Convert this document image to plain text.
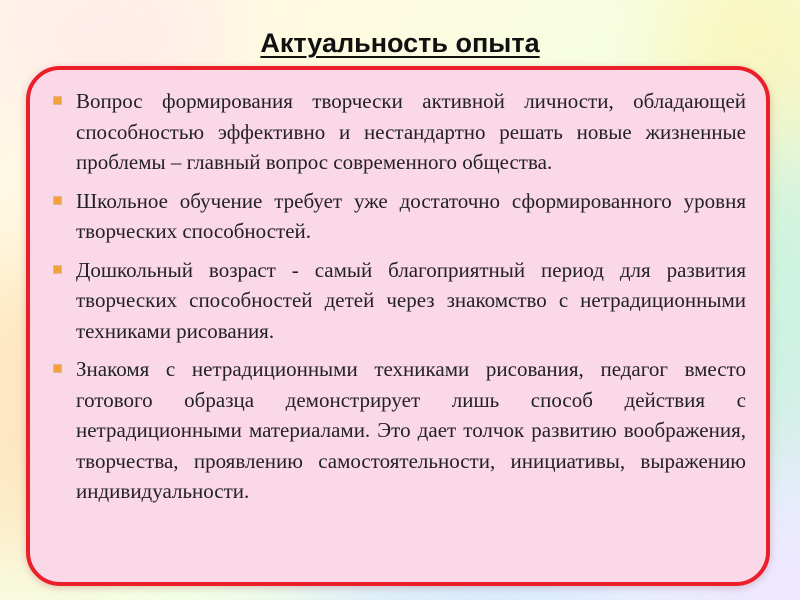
Актуальность опыта
Вопрос формирования творчески активной личности, обладающей способностью эффективно и нестандартно решать новые жизненные проблемы – главный вопрос современного общества.
Школьное обучение требует уже достаточно сформированного уровня творческих способностей.
Дошкольный возраст - самый благоприятный период для развития творческих способностей детей через знакомство с нетрадиционными техниками рисования.
Знакомя с нетрадиционными техниками рисования, педагог вместо готового образца демонстрирует лишь способ действия с нетрадиционными материалами. Это дает толчок развитию воображения, творчества, проявлению самостоятельности, инициативы, выражению индивидуальности.
